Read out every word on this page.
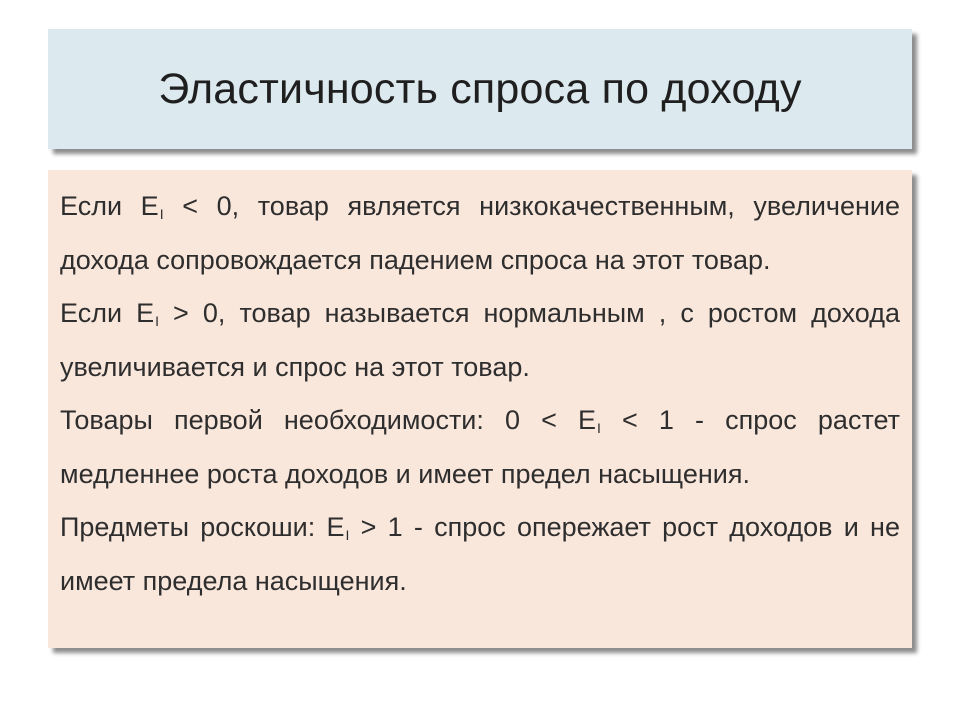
Эластичность спроса по доходу

Если $E_I < 0$, товар является низкокачественным, увеличение дохода сопровождается падением спроса на этот товар.

Если $E_I > 0$, товар называется нормальным , с ростом дохода увеличивается и спрос на этот товар.

Товары первой необходимости: $0 < E_I < 1$ - спрос растет медленнее роста доходов и имеет предел насыщения.

Предметы роскоши: $E_I > 1$ - спрос опережает рост доходов и не имеет предела насыщения.
